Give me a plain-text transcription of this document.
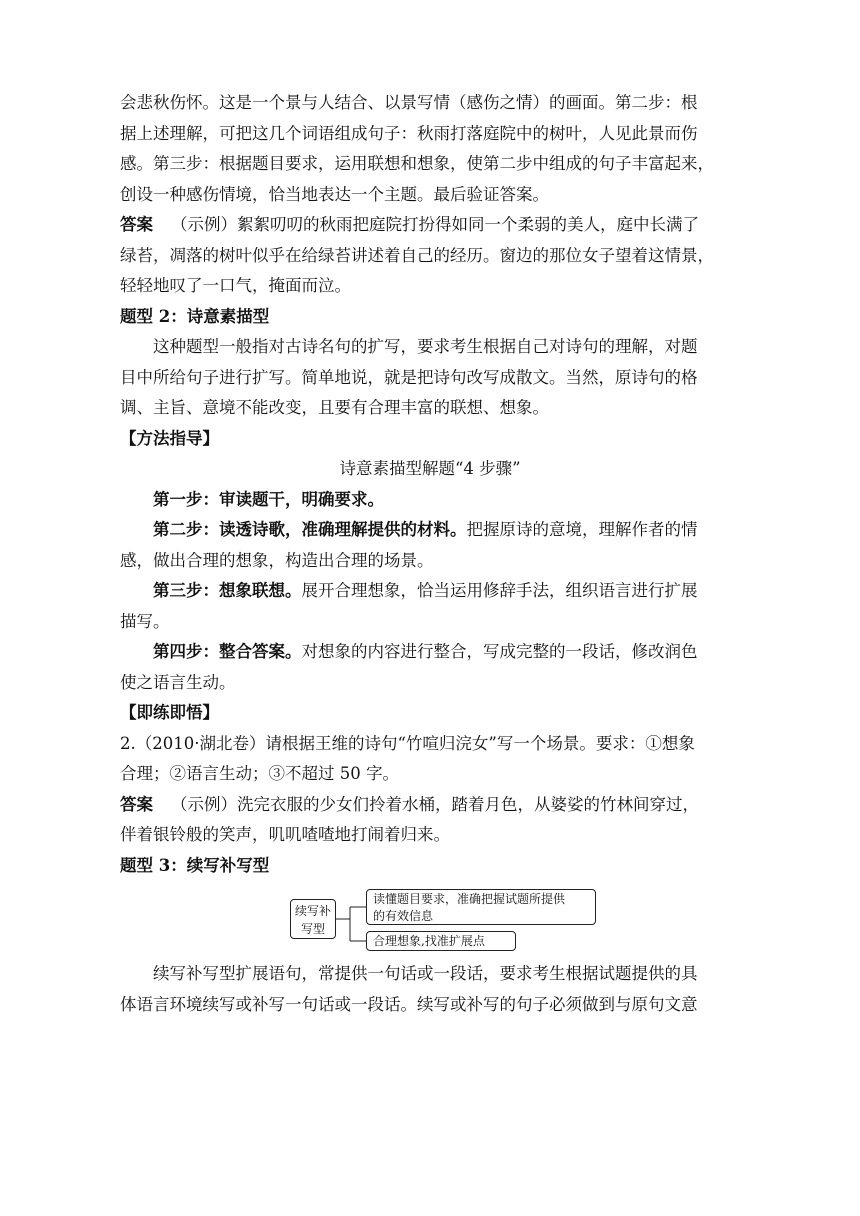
会悲秋伤怀。这是一个景与人结合、以景写情（感伤之情）的画面。第二步：根
据上述理解，可把这几个词语组成句子：秋雨打落庭院中的树叶，人见此景而伤
感。第三步：根据题目要求，运用联想和想象，使第二步中组成的句子丰富起来，
创设一种感伤情境，恰当地表达一个主题。最后验证答案。
答案 （示例）絮絮叨叨的秋雨把庭院打扮得如同一个柔弱的美人，庭中长满了
绿苔，凋落的树叶似乎在给绿苔讲述着自己的经历。窗边的那位女子望着这情景，
轻轻地叹了一口气，掩面而泣。
题型 2：诗意素描型
这种题型一般指对古诗名句的扩写，要求考生根据自己对诗句的理解，对题
目中所给句子进行扩写。简单地说，就是把诗句改写成散文。当然，原诗句的格
调、主旨、意境不能改变，且要有合理丰富的联想、想象。
【方法指导】
诗意素描型解题“4 步骤”
第一步：审读题干，明确要求。
第二步：读透诗歌，准确理解提供的材料。把握原诗的意境，理解作者的情
感，做出合理的想象，构造出合理的场景。
第三步：想象联想。展开合理想象，恰当运用修辞手法，组织语言进行扩展
描写。
第四步：整合答案。对想象的内容进行整合，写成完整的一段话，修改润色
使之语言生动。
【即练即悟】
2.（2010·湖北卷）请根据王维的诗句“竹喧归浣女”写一个场景。要求：①想象
合理；②语言生动；③不超过 50 字。
答案 （示例）洗完衣服的少女们拎着水桶，踏着月色，从婆娑的竹林间穿过，
伴着银铃般的笑声，叽叽喳喳地打闹着归来。
题型 3：续写补写型
续写补
写型
读懂题目要求，准确把握试题所提供
的有效信息
合理想象,找准扩展点
续写补写型扩展语句，常提供一句话或一段话，要求考生根据试题提供的具
体语言环境续写或补写一句话或一段话。续写或补写的句子必须做到与原句文意
